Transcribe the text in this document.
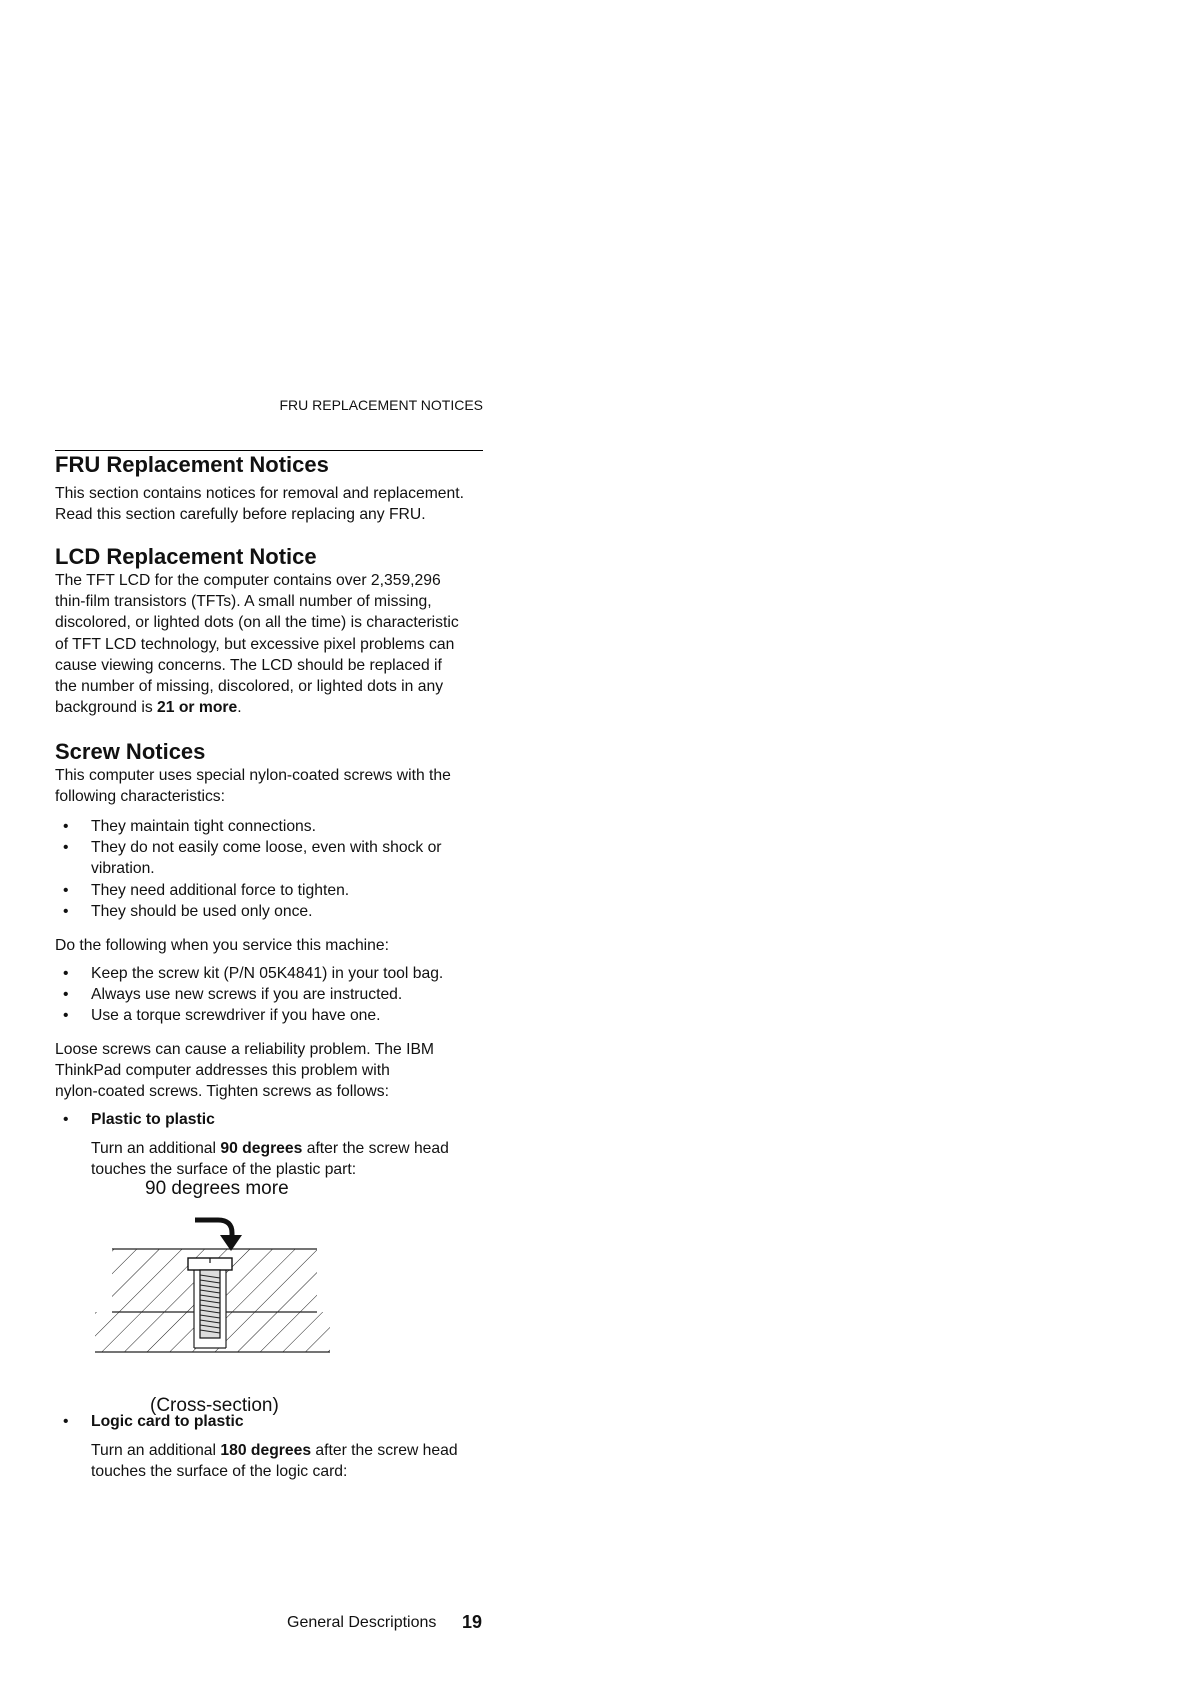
FRU REPLACEMENT NOTICES
FRU Replacement Notices

This section contains notices for removal and replacement.

Read this section carefully before replacing any FRU.

LCD Replacement Notice

The TFT LCD for the computer contains over 2,359,296

thin-film transistors (TFTs). A small number of missing,

discolored, or lighted dots (on all the time) is characteristic

of TFT LCD technology, but excessive pixel problems can

cause viewing concerns. The LCD should be replaced if

the number of missing, discolored, or lighted dots in any

background is 21 or more.

Screw Notices

This computer uses special nylon-coated screws with the

following characteristics:

• They maintain tight connections.
• They do not easily come loose, even with shock or vibration.
• They need additional force to tighten.
• They should be used only once.
Do the following when you service this machine:
• Keep the screw kit (P/N 05K4841) in your tool bag.
• Always use new screws if you are instructed.
• Use a torque screwdriver if you have one.

Loose screws can cause a reliability problem. The IBM

ThinkPad computer addresses this problem with

nylon-coated screws. Tighten screws as follows:

• Plastic to plastic

Turn an additional 90 degrees after the screw head

touches the surface of the plastic part:

90 degrees more
(Cross-section)
• Logic card to plastic

Turn an additional 180 degrees after the screw head

touches the surface of the logic card:

General Descriptions 19
